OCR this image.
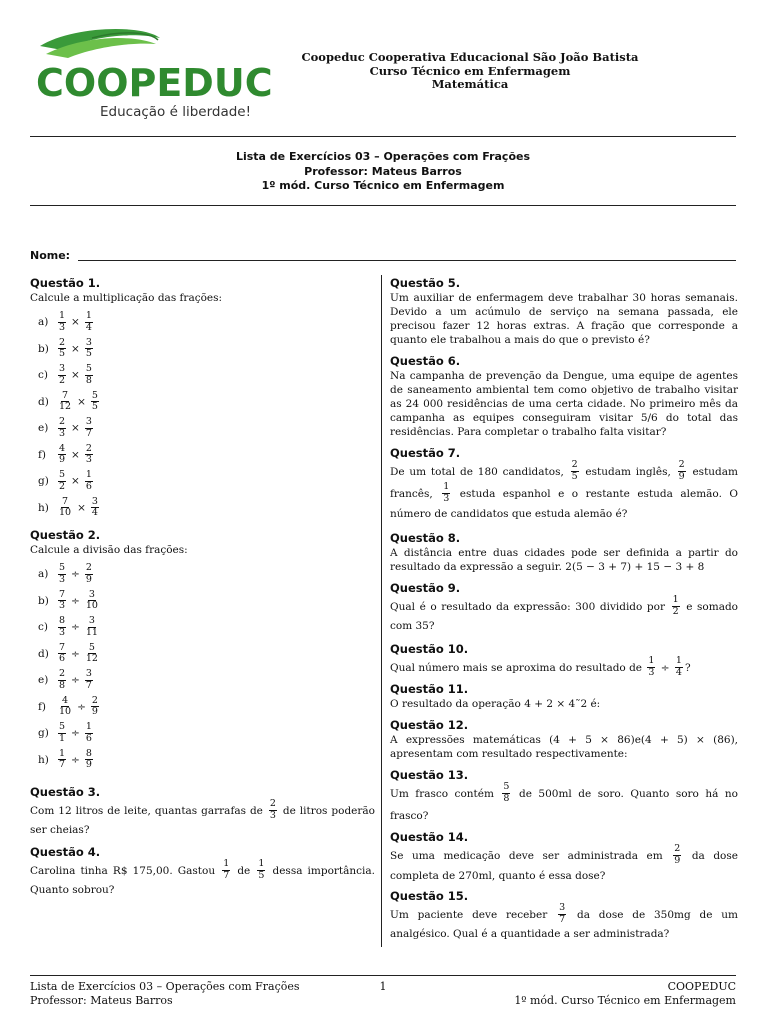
COOPEDUC
Educação é liberdade!
Coopeduc Cooperativa Educacional São João Batista
Curso Técnico em Enfermagem
Matemática
Lista de Exercícios 03 – Operações com Frações
Professor: Mateus Barros
1º mód. Curso Técnico em Enfermagem
Nome:

Questão 1.

Calcule a multiplicação das frações:

a)	$\frac{1}{3} \times \frac{1}{4}$
$b) \frac{2}{5} \times \frac{3}{5}$
c)	$\frac{3}{2} \times \frac{5}{8}$
$d) \frac{7}{12} \times \frac{5}{5}$
e)	$\frac{2}{3} \times \frac{3}{7}$
f)	$\frac{4}{9} \times \frac{2}{3}$
$g) \frac{5}{2} \times \frac{1}{6}$
$h) \frac{7}{10} \times \frac{3}{4}$

Questão 2.

Calcule a divisão das frações:

a)	$\frac{5}{3} \div \frac{2}{9}$
$b) \frac{7}{3} \div \frac{3}{10}$
c)	$\frac{8}{3} \div \frac{3}{11}$
$d) \frac{7}{6} \div \frac{5}{12}$
e)	$\frac{2}{8} \div \frac{3}{7}$
f)	$\frac{4}{10} \div \frac{2}{9}$
$g) \frac{5}{1} \div \frac{1}{6}$
$h) \frac{1}{7} \div \frac{8}{9}$

Questão 3.

Com 12 litros de leite, quantas garrafas de $\frac{2}{3}$ de litros poderão ser cheias?

Questão 4.

Carolina tinha R$ 175,00. Gastou $\frac{1}{7}$ de $\frac{1}{5}$ dessa importância. Quanto sobrou?

Questão 5.

Um auxiliar de enfermagem deve trabalhar 30 horas semanais. Devido a um acúmulo de serviço na semana passada, ele precisou fazer 12 horas extras. A fração que corresponde a quanto ele trabalhou a mais do que o previsto é?

Questão 6.

Na campanha de prevenção da Dengue, uma equipe de agentes de saneamento ambiental tem como objetivo de trabalho visitar as 24 000 residências de uma certa cidade. No primeiro mês da campanha as equipes conseguiram visitar 5/6 do total das residências. Para completar o trabalho falta visitar?

Questão 7.

De um total de 180 candidatos, $\frac{2}{5}$ estudam inglês, $\frac{2}{9}$ estudam francês, $\frac{1}{3}$ estuda espanhol e o restante estuda alemão. O número de candidatos que estuda alemão é?

Questão 8.

A distância entre duas cidades pode ser definida a partir do resultado da expressão a seguir. 2(5 − 3 + 7) + 15 − 3 + 8

Questão 9.

Qual é o resultado da expressão: 300 dividido por $\frac{1}{2}$ e somado com 35?

Questão 10.

Qual número mais se aproxima do resultado de $\frac{1}{3} \div \frac{1}{4}$ ?

Questão 11.

O resultado da operação 4 + 2 × 4˜2 é:

Questão 12.

A expressões matemáticas (4 + 5 × 86)e(4 + 5) × (86), apresentam com resultado respectivamente:

Questão 13.

Um frasco contém $\frac{5}{8}$ de 500ml de soro. Quanto soro há no frasco?

Questão 14.

Se uma medicação deve ser administrada em $\frac{2}{9}$ da dose completa de 270ml, quanto é essa dose?

Questão 15.

Um paciente deve receber $\frac{3}{7}$ da dose de 350mg de um analgésico. Qual é a quantidade a ser administrada?

Lista de Exercícios 03 – Operações com Frações
Professor: Mateus Barros
1	COOPEDUC
1º mód. Curso Técnico em Enfermagem
